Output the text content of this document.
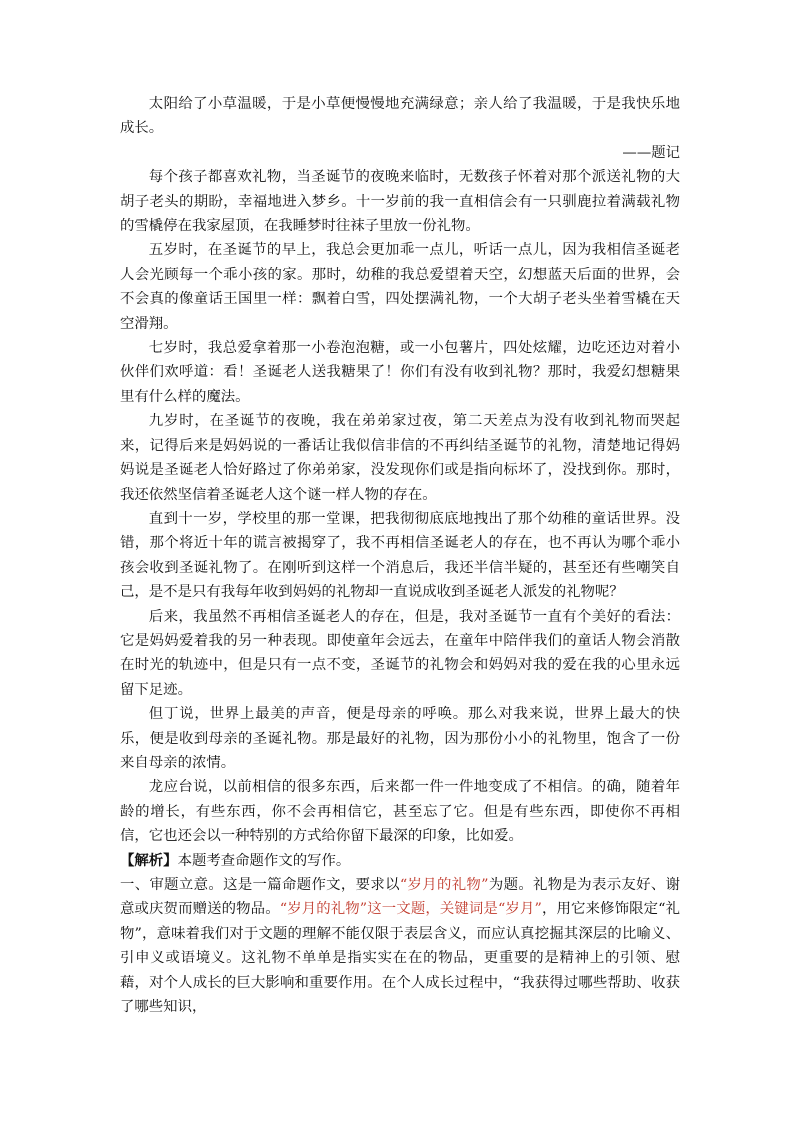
太阳给了小草温暖，于是小草便慢慢地充满绿意；亲人给了我温暖，于是我快乐地成长。

——题记

每个孩子都喜欢礼物，当圣诞节的夜晚来临时，无数孩子怀着对那个派送礼物的大胡子老头的期盼，幸福地进入梦乡。十一岁前的我一直相信会有一只驯鹿拉着满载礼物的雪橇停在我家屋顶，在我睡梦时往袜子里放一份礼物。

五岁时，在圣诞节的早上，我总会更加乖一点儿，听话一点儿，因为我相信圣诞老人会光顾每一个乖小孩的家。那时，幼稚的我总爱望着天空，幻想蓝天后面的世界，会不会真的像童话王国里一样：飘着白雪，四处摆满礼物，一个大胡子老头坐着雪橇在天空滑翔。

七岁时，我总爱拿着那一小卷泡泡糖，或一小包薯片，四处炫耀，边吃还边对着小伙伴们欢呼道：看！圣诞老人送我糖果了！你们有没有收到礼物？那时，我爱幻想糖果里有什么样的魔法。

九岁时，在圣诞节的夜晚，我在弟弟家过夜，第二天差点为没有收到礼物而哭起来，记得后来是妈妈说的一番话让我似信非信的不再纠结圣诞节的礼物，清楚地记得妈妈说是圣诞老人恰好路过了你弟弟家，没发现你们或是指向标坏了，没找到你。那时，我还依然坚信着圣诞老人这个谜一样人物的存在。

直到十一岁，学校里的那一堂课，把我彻彻底底地拽出了那个幼稚的童话世界。没错，那个将近十年的谎言被揭穿了，我不再相信圣诞老人的存在，也不再认为哪个乖小孩会收到圣诞礼物了。在刚听到这样一个消息后，我还半信半疑的，甚至还有些嘲笑自己，是不是只有我每年收到妈妈的礼物却一直说成收到圣诞老人派发的礼物呢？

后来，我虽然不再相信圣诞老人的存在，但是，我对圣诞节一直有个美好的看法：它是妈妈爱着我的另一种表现。即使童年会远去，在童年中陪伴我们的童话人物会消散在时光的轨迹中，但是只有一点不变，圣诞节的礼物会和妈妈对我的爱在我的心里永远留下足迹。

但丁说，世界上最美的声音，便是母亲的呼唤。那么对我来说，世界上最大的快乐，便是收到母亲的圣诞礼物。那是最好的礼物，因为那份小小的礼物里，饱含了一份来自母亲的浓情。

龙应台说，以前相信的很多东西，后来都一件一件地变成了不相信。的确，随着年龄的增长，有些东西，你不会再相信它，甚至忘了它。但是有些东西，即使你不再相信，它也还会以一种特别的方式给你留下最深的印象，比如爱。

【解析】本题考查命题作文的写作。

一、审题立意。这是一篇命题作文，要求以“岁月的礼物”为题。礼物是为表示友好、谢意或庆贺而赠送的物品。“岁月的礼物”这一文题，关键词是“岁月”，用它来修饰限定“礼物”，意味着我们对于文题的理解不能仅限于表层含义，而应认真挖掘其深层的比喻义、引申义或语境义。这礼物不单单是指实实在在的物品，更重要的是精神上的引领、慰藉，对个人成长的巨大影响和重要作用。在个人成长过程中，“我获得过哪些帮助、收获了哪些知识，
